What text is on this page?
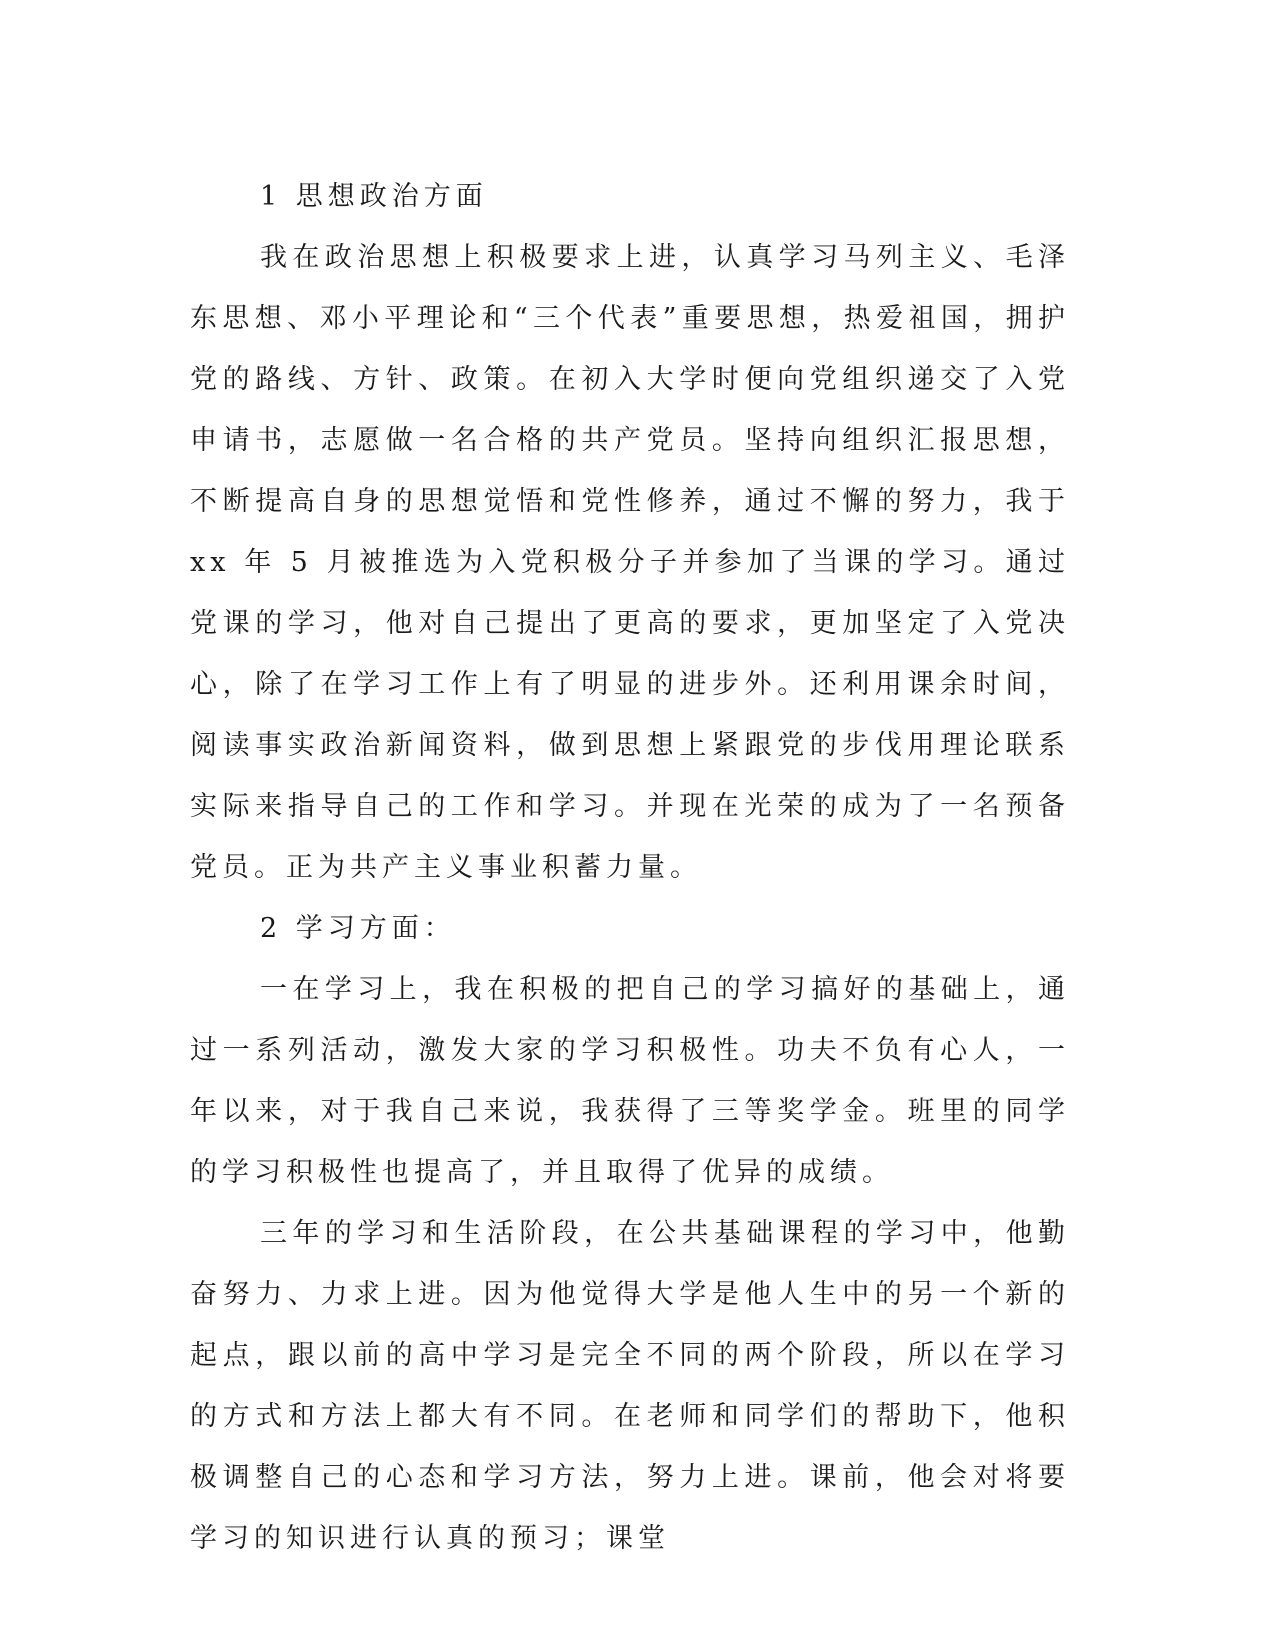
1 思想政治方面

我在政治思想上积极要求上进，认真学习马列主义、毛泽东思想、邓小平理论和“三个代表”重要思想，热爱祖国，拥护党的路线、方针、政策。在初入大学时便向党组织递交了入党申请书，志愿做一名合格的共产党员。坚持向组织汇报思想，不断提高自身的思想觉悟和党性修养，通过不懈的努力，我于 xx 年 5 月被推选为入党积极分子并参加了当课的学习。通过党课的学习，他对自己提出了更高的要求，更加坚定了入党决心，除了在学习工作上有了明显的进步外。还利用课余时间，阅读事实政治新闻资料，做到思想上紧跟党的步伐用理论联系实际来指导自己的工作和学习。并现在光荣的成为了一名预备党员。正为共产主义事业积蓄力量。

2 学习方面：

一在学习上，我在积极的把自己的学习搞好的基础上，通过一系列活动，激发大家的学习积极性。功夫不负有心人，一年以来，对于我自己来说，我获得了三等奖学金。班里的同学的学习积极性也提高了，并且取得了优异的成绩。

三年的学习和生活阶段，在公共基础课程的学习中，他勤奋努力、力求上进。因为他觉得大学是他人生中的另一个新的起点，跟以前的高中学习是完全不同的两个阶段，所以在学习的方式和方法上都大有不同。在老师和同学们的帮助下，他积极调整自己的心态和学习方法，努力上进。课前，他会对将要学习的知识进行认真的预习；课堂
